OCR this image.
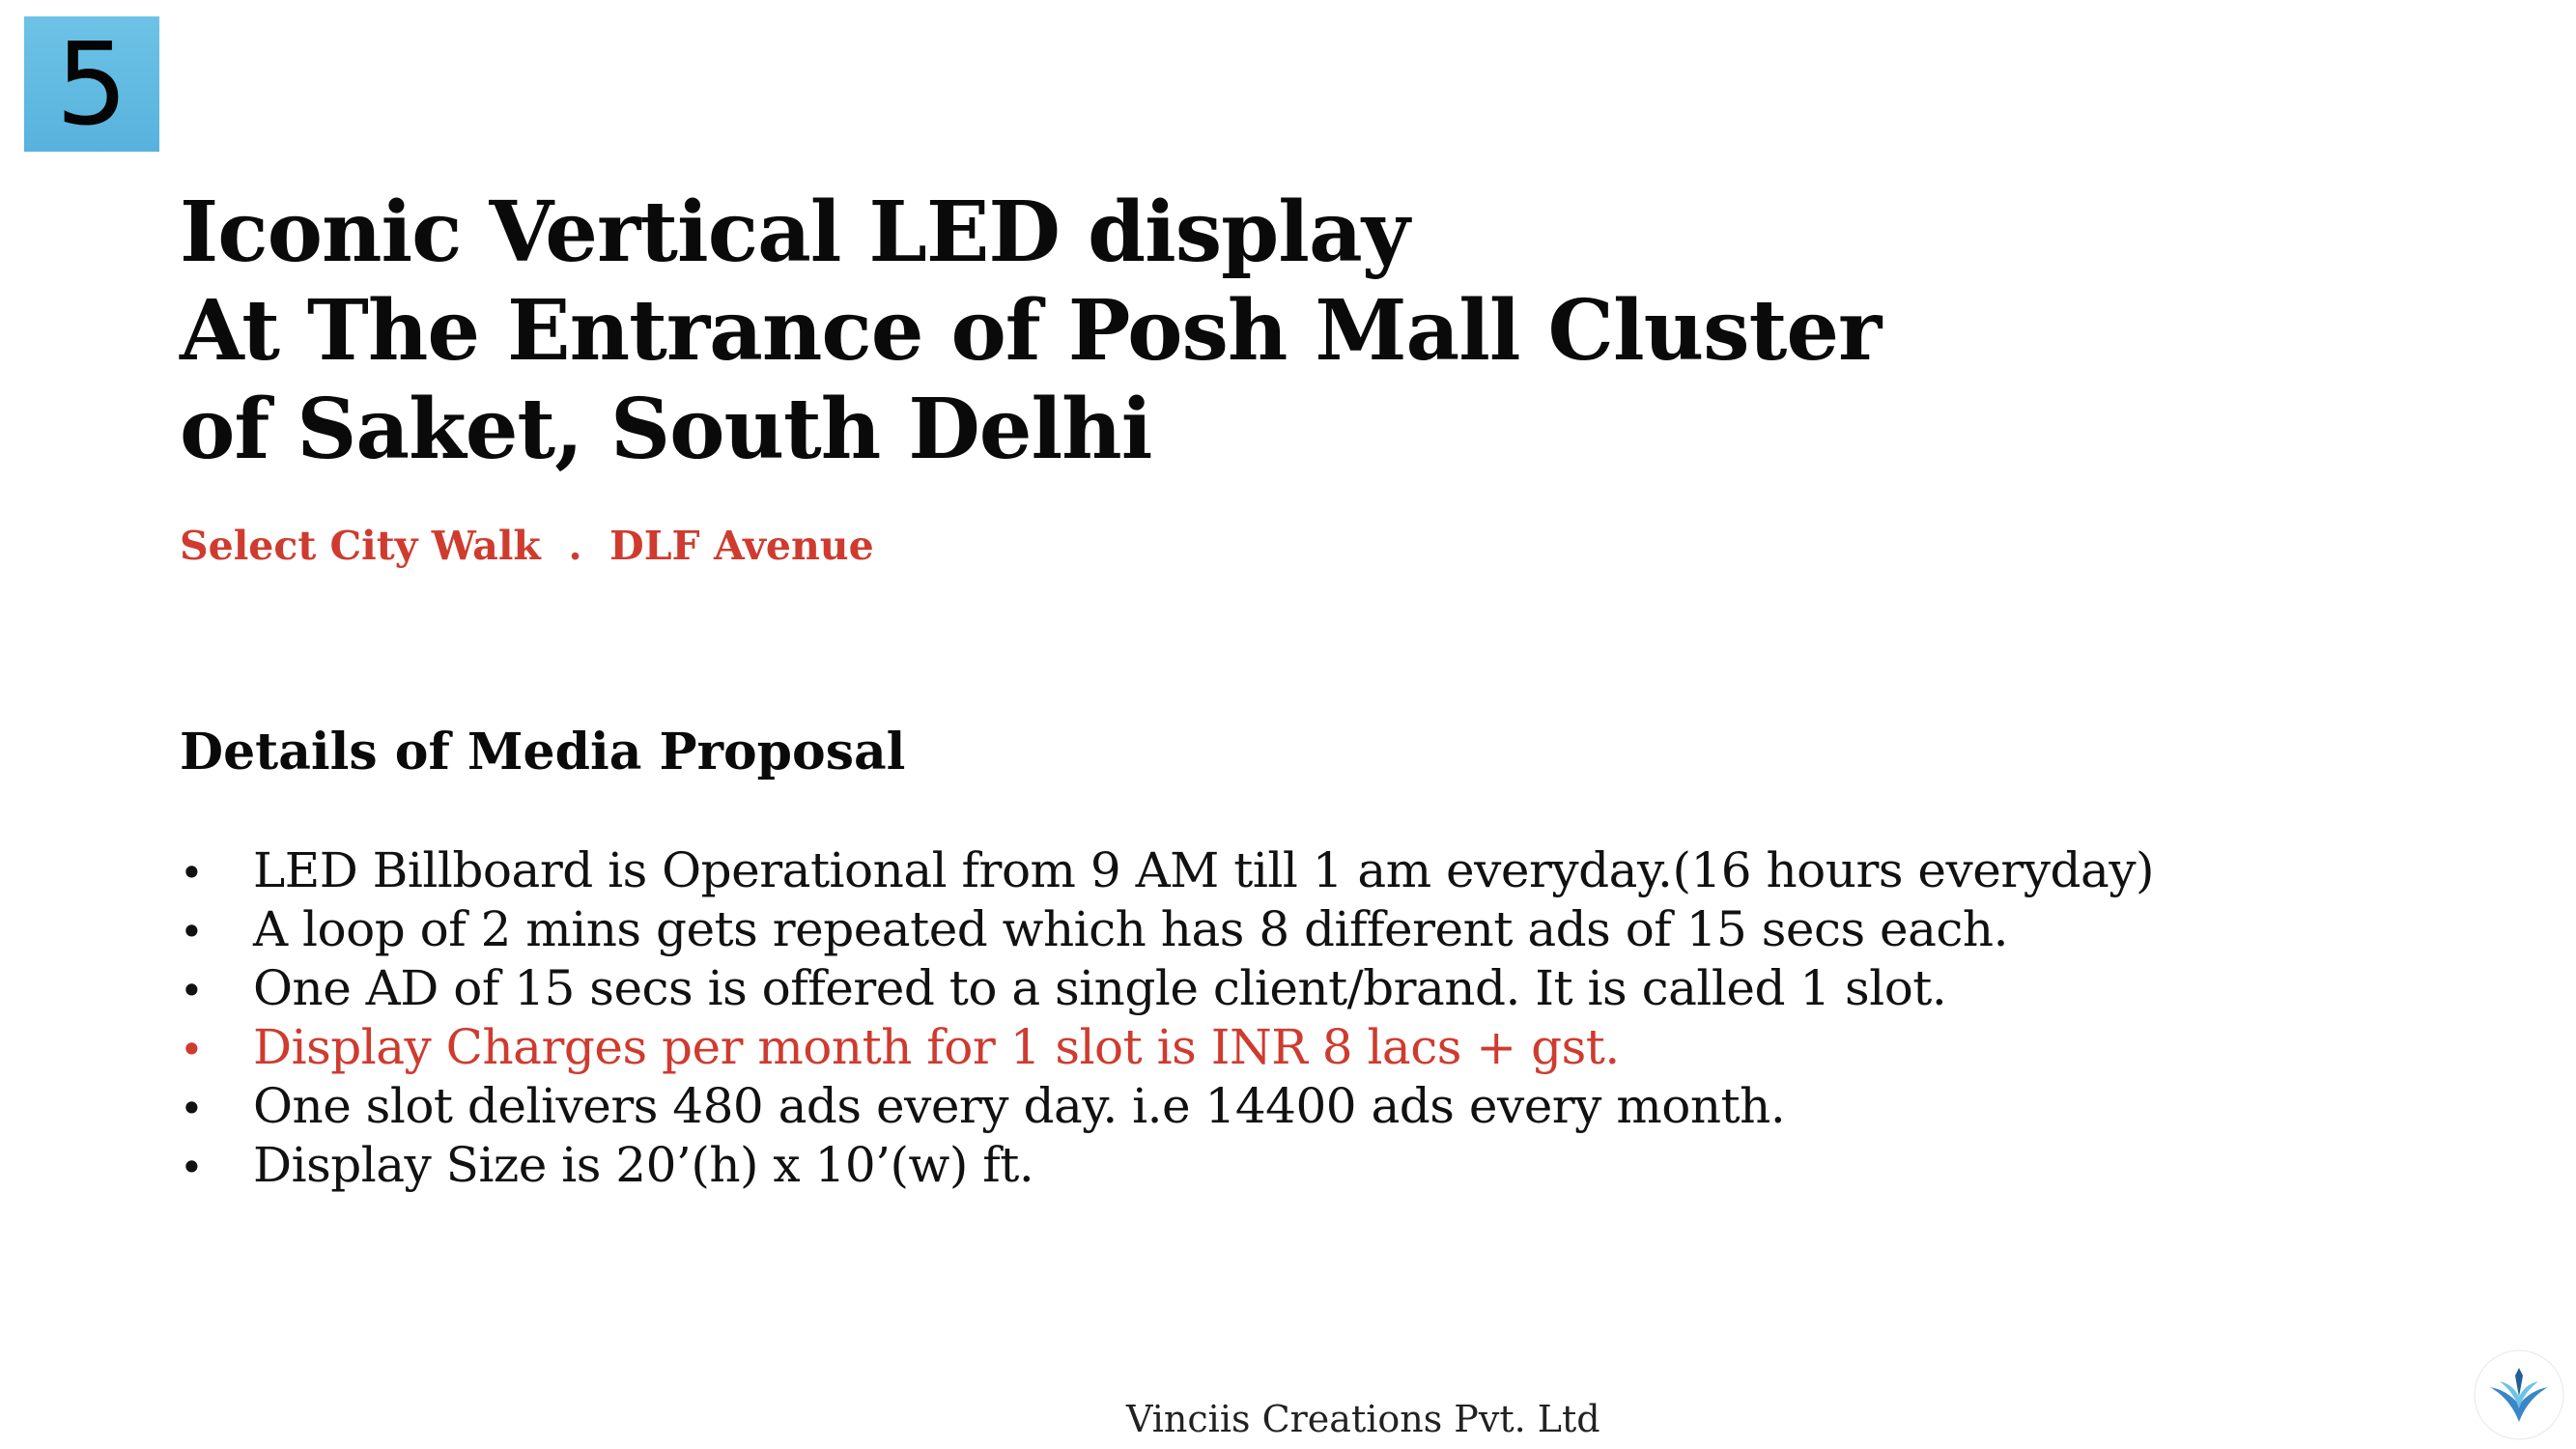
5
Iconic Vertical LED display
At The Entrance of Posh Mall Cluster
of Saket, South Delhi
Select City Walk  .  DLF Avenue
Details of Media Proposal
•	LED Billboard is Operational from 9 AM till 1 am everyday.(16 hours everyday)
•	A loop of 2 mins gets repeated which has 8 different ads of 15 secs each.
•	One AD of 15 secs is offered to a single client/brand. It is called 1 slot.
•	Display Charges per month for 1 slot is INR 8 lacs + gst.
•	One slot delivers 480 ads every day. i.e 14400 ads every month.
•	Display Size is 20’(h) x 10’(w) ft.
Vinciis Creations Pvt. Ltd
